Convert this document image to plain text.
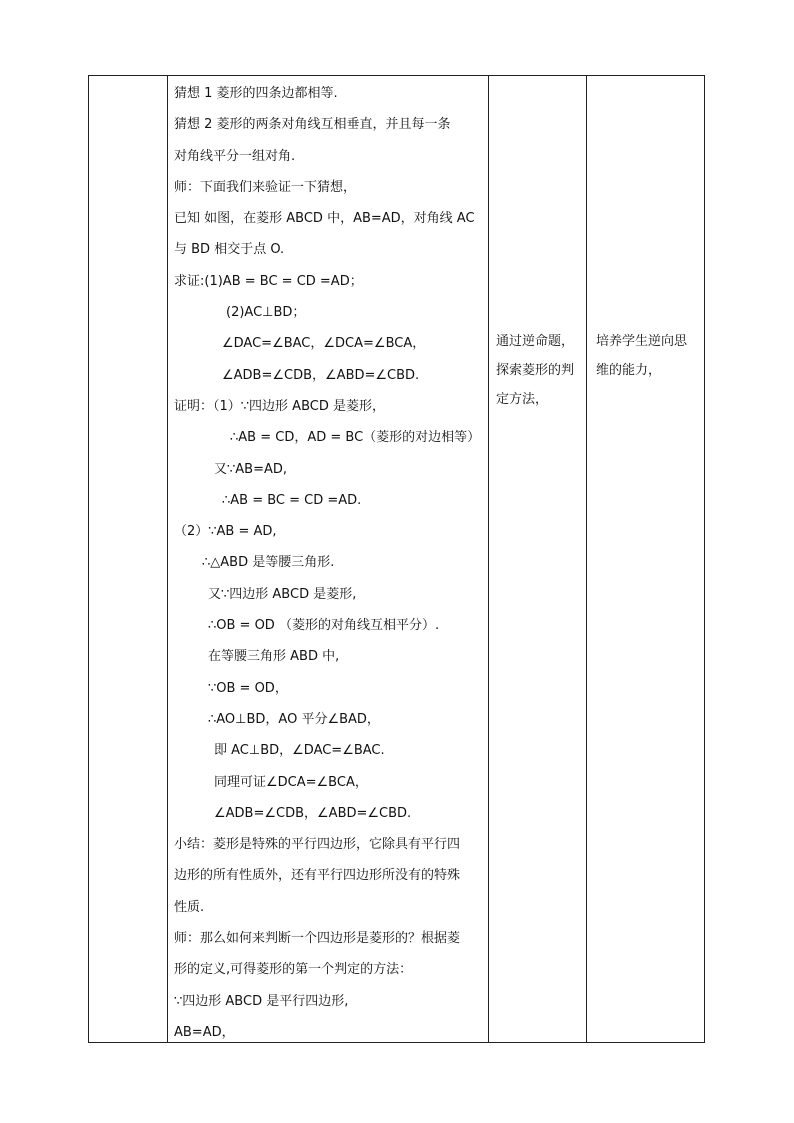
猜想 1 菱形的四条边都相等.
猜想 2 菱形的两条对角线互相垂直，并且每一条
对角线平分一组对角.
师：下面我们来验证一下猜想，
已知 如图，在菱形 ABCD 中，AB=AD，对角线 AC
与 BD 相交于点 O.
求证:(1)AB = BC = CD =AD；
(2)AC⊥BD；
∠DAC=∠BAC，∠DCA=∠BCA，
∠ADB=∠CDB，∠ABD=∠CBD.
证明：（1）∵四边形 ABCD 是菱形，
∴AB = CD，AD = BC（菱形的对边相等）
又∵AB=AD,
∴AB = BC = CD =AD.
（2）∵AB = AD,
∴△ABD 是等腰三角形.
又∵四边形 ABCD 是菱形,
∴OB = OD （菱形的对角线互相平分）.
在等腰三角形 ABD 中,
∵OB = OD，
∴AO⊥BD，AO 平分∠BAD，
即 AC⊥BD，∠DAC=∠BAC.
同理可证∠DCA=∠BCA，
∠ADB=∠CDB，∠ABD=∠CBD.
小结：菱形是特殊的平行四边形，它除具有平行四
边形的所有性质外，还有平行四边形所没有的特殊
性质.
师：那么如何来判断一个四边形是菱形的？根据菱
形的定义,可得菱形的第一个判定的方法：
∵四边形 ABCD 是平行四边形,
AB=AD，
通过逆命题，
探索菱形的判
定方法，
培养学生逆向思
维的能力，
